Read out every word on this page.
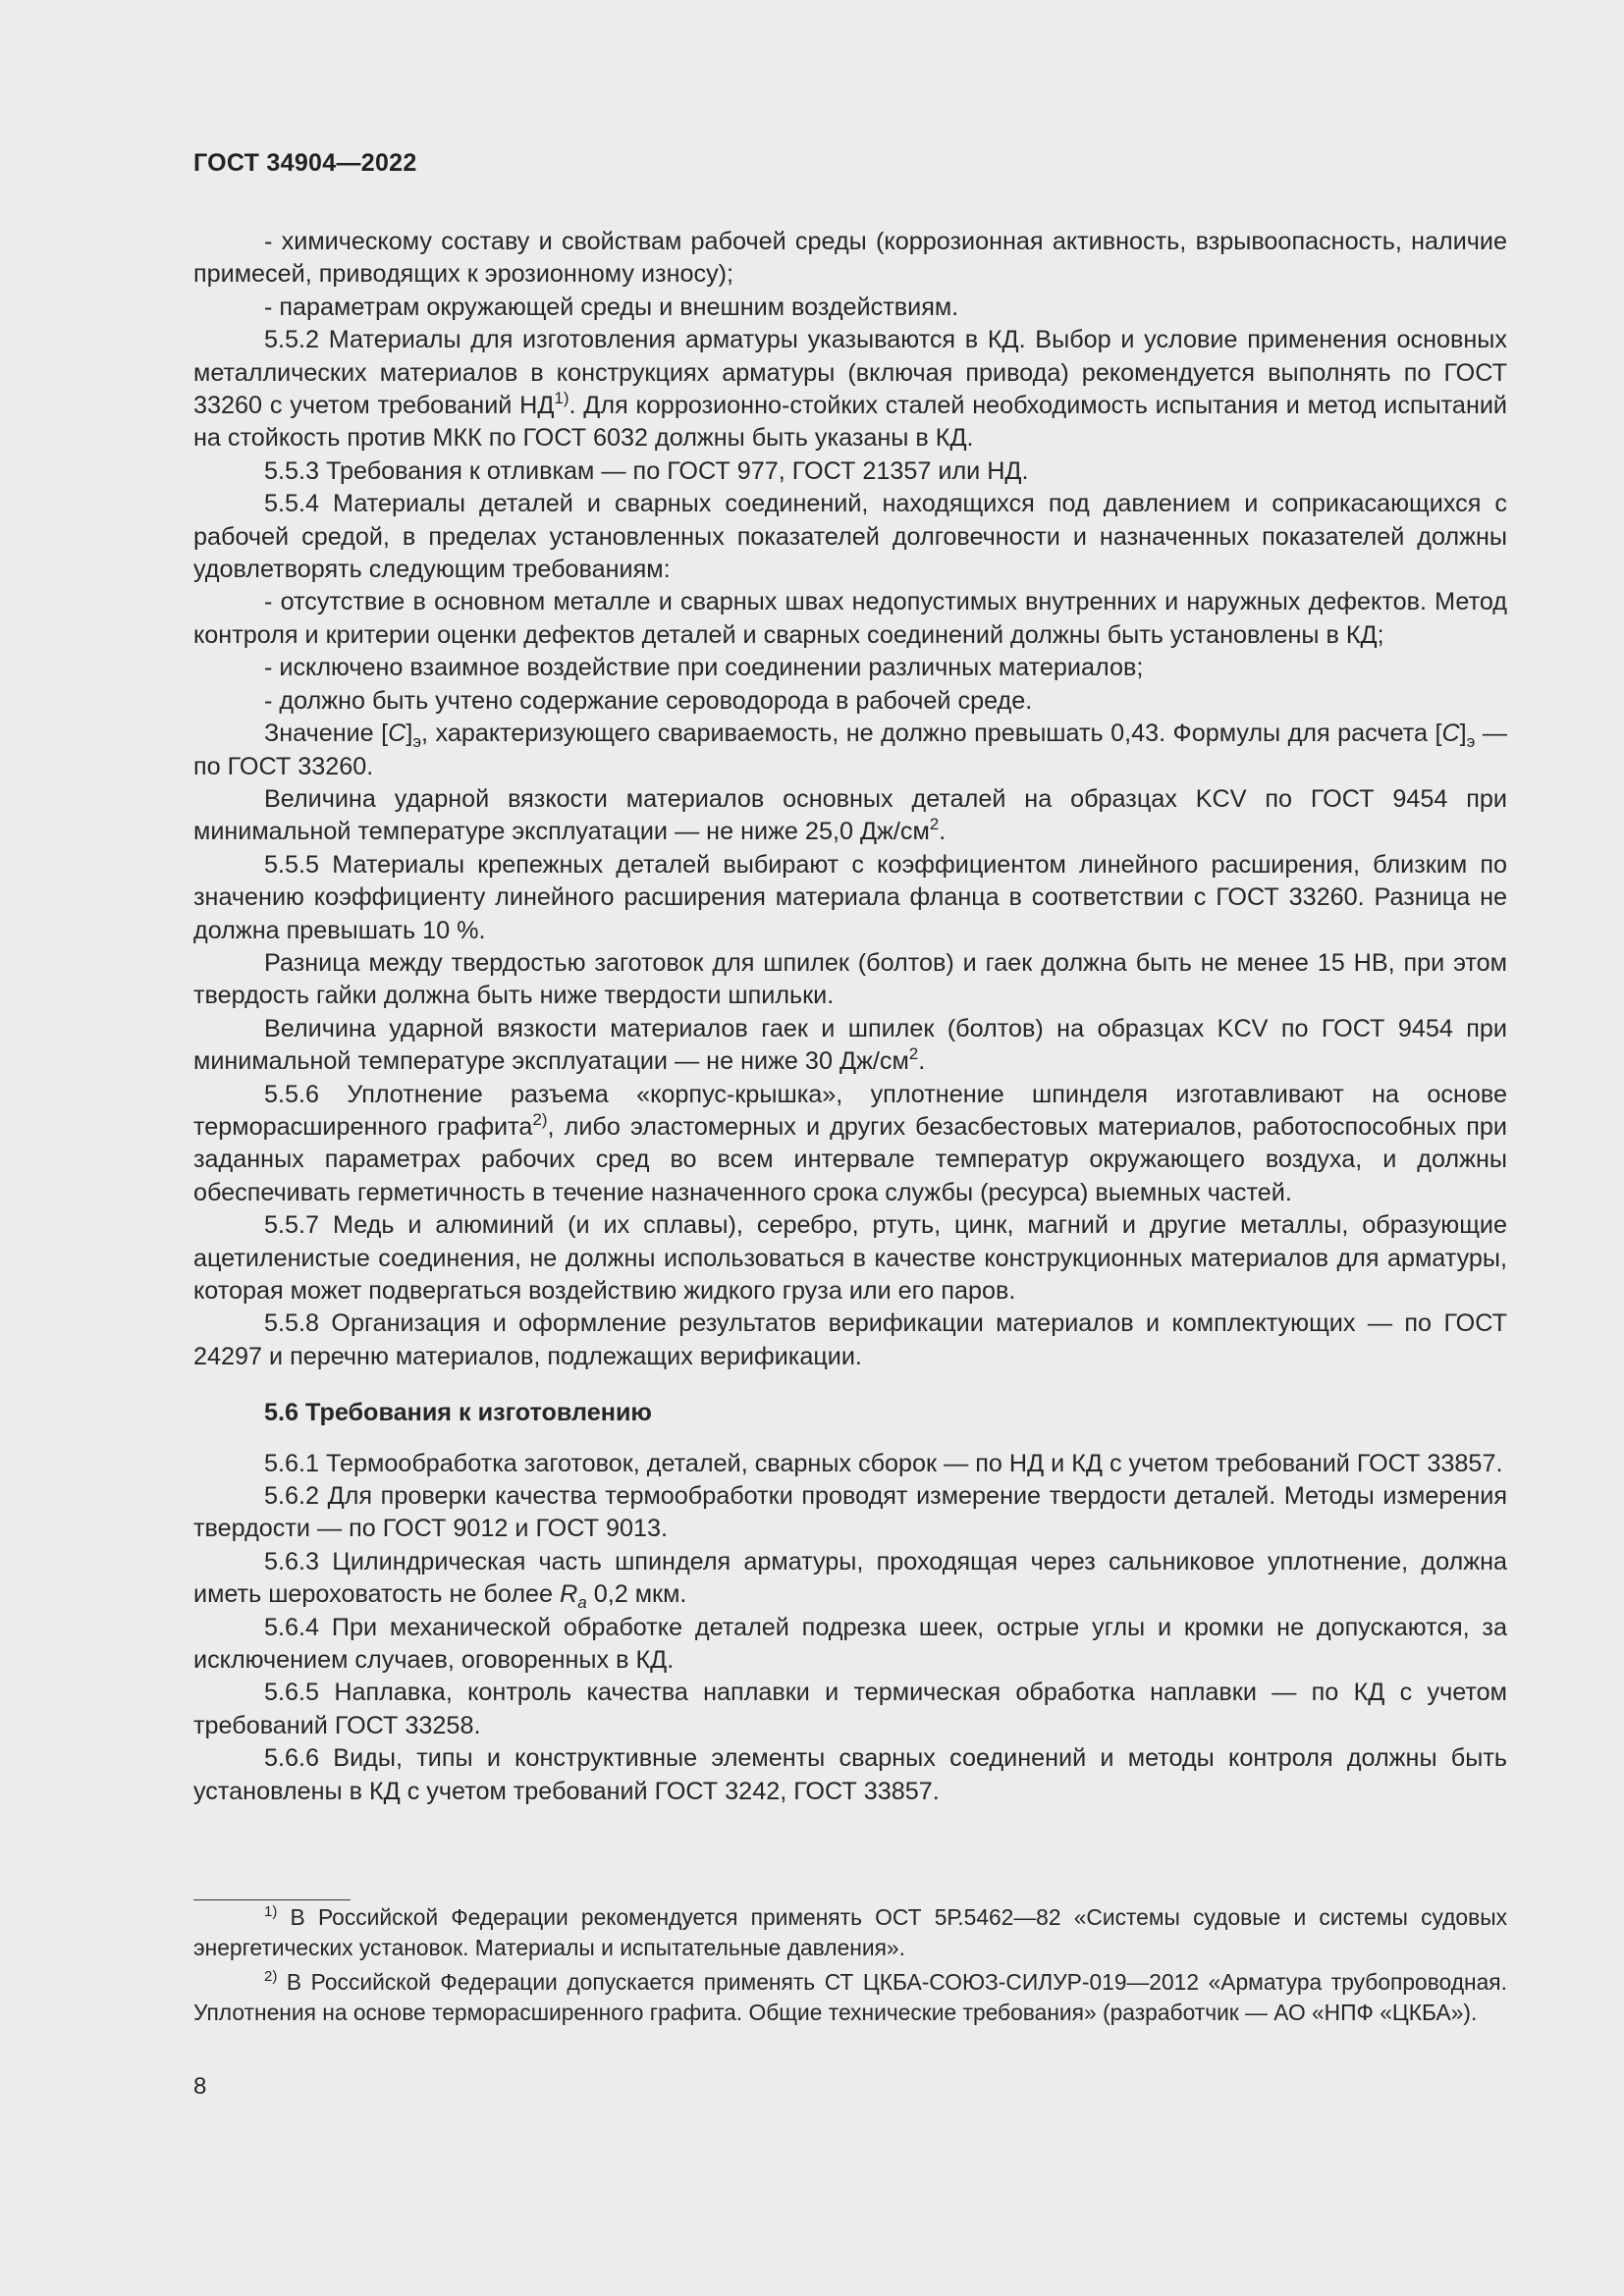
ГОСТ 34904—2022

- химическому составу и свойствам рабочей среды (коррозионная активность, взрывоопасность, наличие примесей, приводящих к эрозионному износу);

- параметрам окружающей среды и внешним воздействиям.

5.5.2 Материалы для изготовления арматуры указываются в КД. Выбор и условие применения основных металлических материалов в конструкциях арматуры (включая привода) рекомендуется выполнять по ГОСТ 33260 с учетом требований НД$^{1)}$. Для коррозионно-стойких сталей необходимость испытания и метод испытаний на стойкость против МКК по ГОСТ 6032 должны быть указаны в КД.

5.5.3 Требования к отливкам — по ГОСТ 977, ГОСТ 21357 или НД.

5.5.4 Материалы деталей и сварных соединений, находящихся под давлением и соприкасающихся с рабочей средой, в пределах установленных показателей долговечности и назначенных показателей должны удовлетворять следующим требованиям:

- отсутствие в основном металле и сварных швах недопустимых внутренних и наружных дефектов. Метод контроля и критерии оценки дефектов деталей и сварных соединений должны быть установлены в КД;

- исключено взаимное воздействие при соединении различных материалов;

- должно быть учтено содержание сероводорода в рабочей среде.

Значение $[C]_э$, характеризующего свариваемость, не должно превышать 0,43. Формулы для расчета $[C]_э$ — по ГОСТ 33260.

Величина ударной вязкости материалов основных деталей на образцах KCV по ГОСТ 9454 при минимальной температуре эксплуатации — не ниже 25,0 $Дж/см^2$.

5.5.5 Материалы крепежных деталей выбирают с коэффициентом линейного расширения, близким по значению коэффициенту линейного расширения материала фланца в соответствии с ГОСТ 33260. Разница не должна превышать 10 %.

Разница между твердостью заготовок для шпилек (болтов) и гаек должна быть не менее 15 НВ, при этом твердость гайки должна быть ниже твердости шпильки.

Величина ударной вязкости материалов гаек и шпилек (болтов) на образцах KCV по ГОСТ 9454 при минимальной температуре эксплуатации — не ниже 30 $Дж/см^2$.

5.5.6 Уплотнение разъема «корпус-крышка», уплотнение шпинделя изготавливают на основе терморасширенного графита$^{2)}$, либо эластомерных и других безасбестовых материалов, работоспособных при заданных параметрах рабочих сред во всем интервале температур окружающего воздуха, и должны обеспечивать герметичность в течение назначенного срока службы (ресурса) выемных частей.

5.5.7 Медь и алюминий (и их сплавы), серебро, ртуть, цинк, магний и другие металлы, образующие ацетиленистые соединения, не должны использоваться в качестве конструкционных материалов для арматуры, которая может подвергаться воздействию жидкого груза или его паров.

5.5.8 Организация и оформление результатов верификации материалов и комплектующих — по ГОСТ 24297 и перечню материалов, подлежащих верификации.

5.6 Требования к изготовлению

5.6.1 Термообработка заготовок, деталей, сварных сборок — по НД и КД с учетом требований ГОСТ 33857.

5.6.2 Для проверки качества термообработки проводят измерение твердости деталей. Методы измерения твердости — по ГОСТ 9012 и ГОСТ 9013.

5.6.3 Цилиндрическая часть шпинделя арматуры, проходящая через сальниковое уплотнение, должна иметь шероховатость не более $R_a$ 0,2 мкм.

5.6.4 При механической обработке деталей подрезка шеек, острые углы и кромки не допускаются, за исключением случаев, оговоренных в КД.

5.6.5 Наплавка, контроль качества наплавки и термическая обработка наплавки — по КД с учетом требований ГОСТ 33258.

5.6.6 Виды, типы и конструктивные элементы сварных соединений и методы контроля должны быть установлены в КД с учетом требований ГОСТ 3242, ГОСТ 33857.

$^{1)}$ В Российской Федерации рекомендуется применять ОСТ 5Р.5462—82 «Системы судовые и системы судовых энергетических установок. Материалы и испытательные давления».

$^{2)}$ В Российской Федерации допускается применять СТ ЦКБА-СОЮЗ-СИЛУР-019—2012 «Арматура трубопроводная. Уплотнения на основе терморасширенного графита. Общие технические требования» (разработчик — АО «НПФ «ЦКБА»).

8
